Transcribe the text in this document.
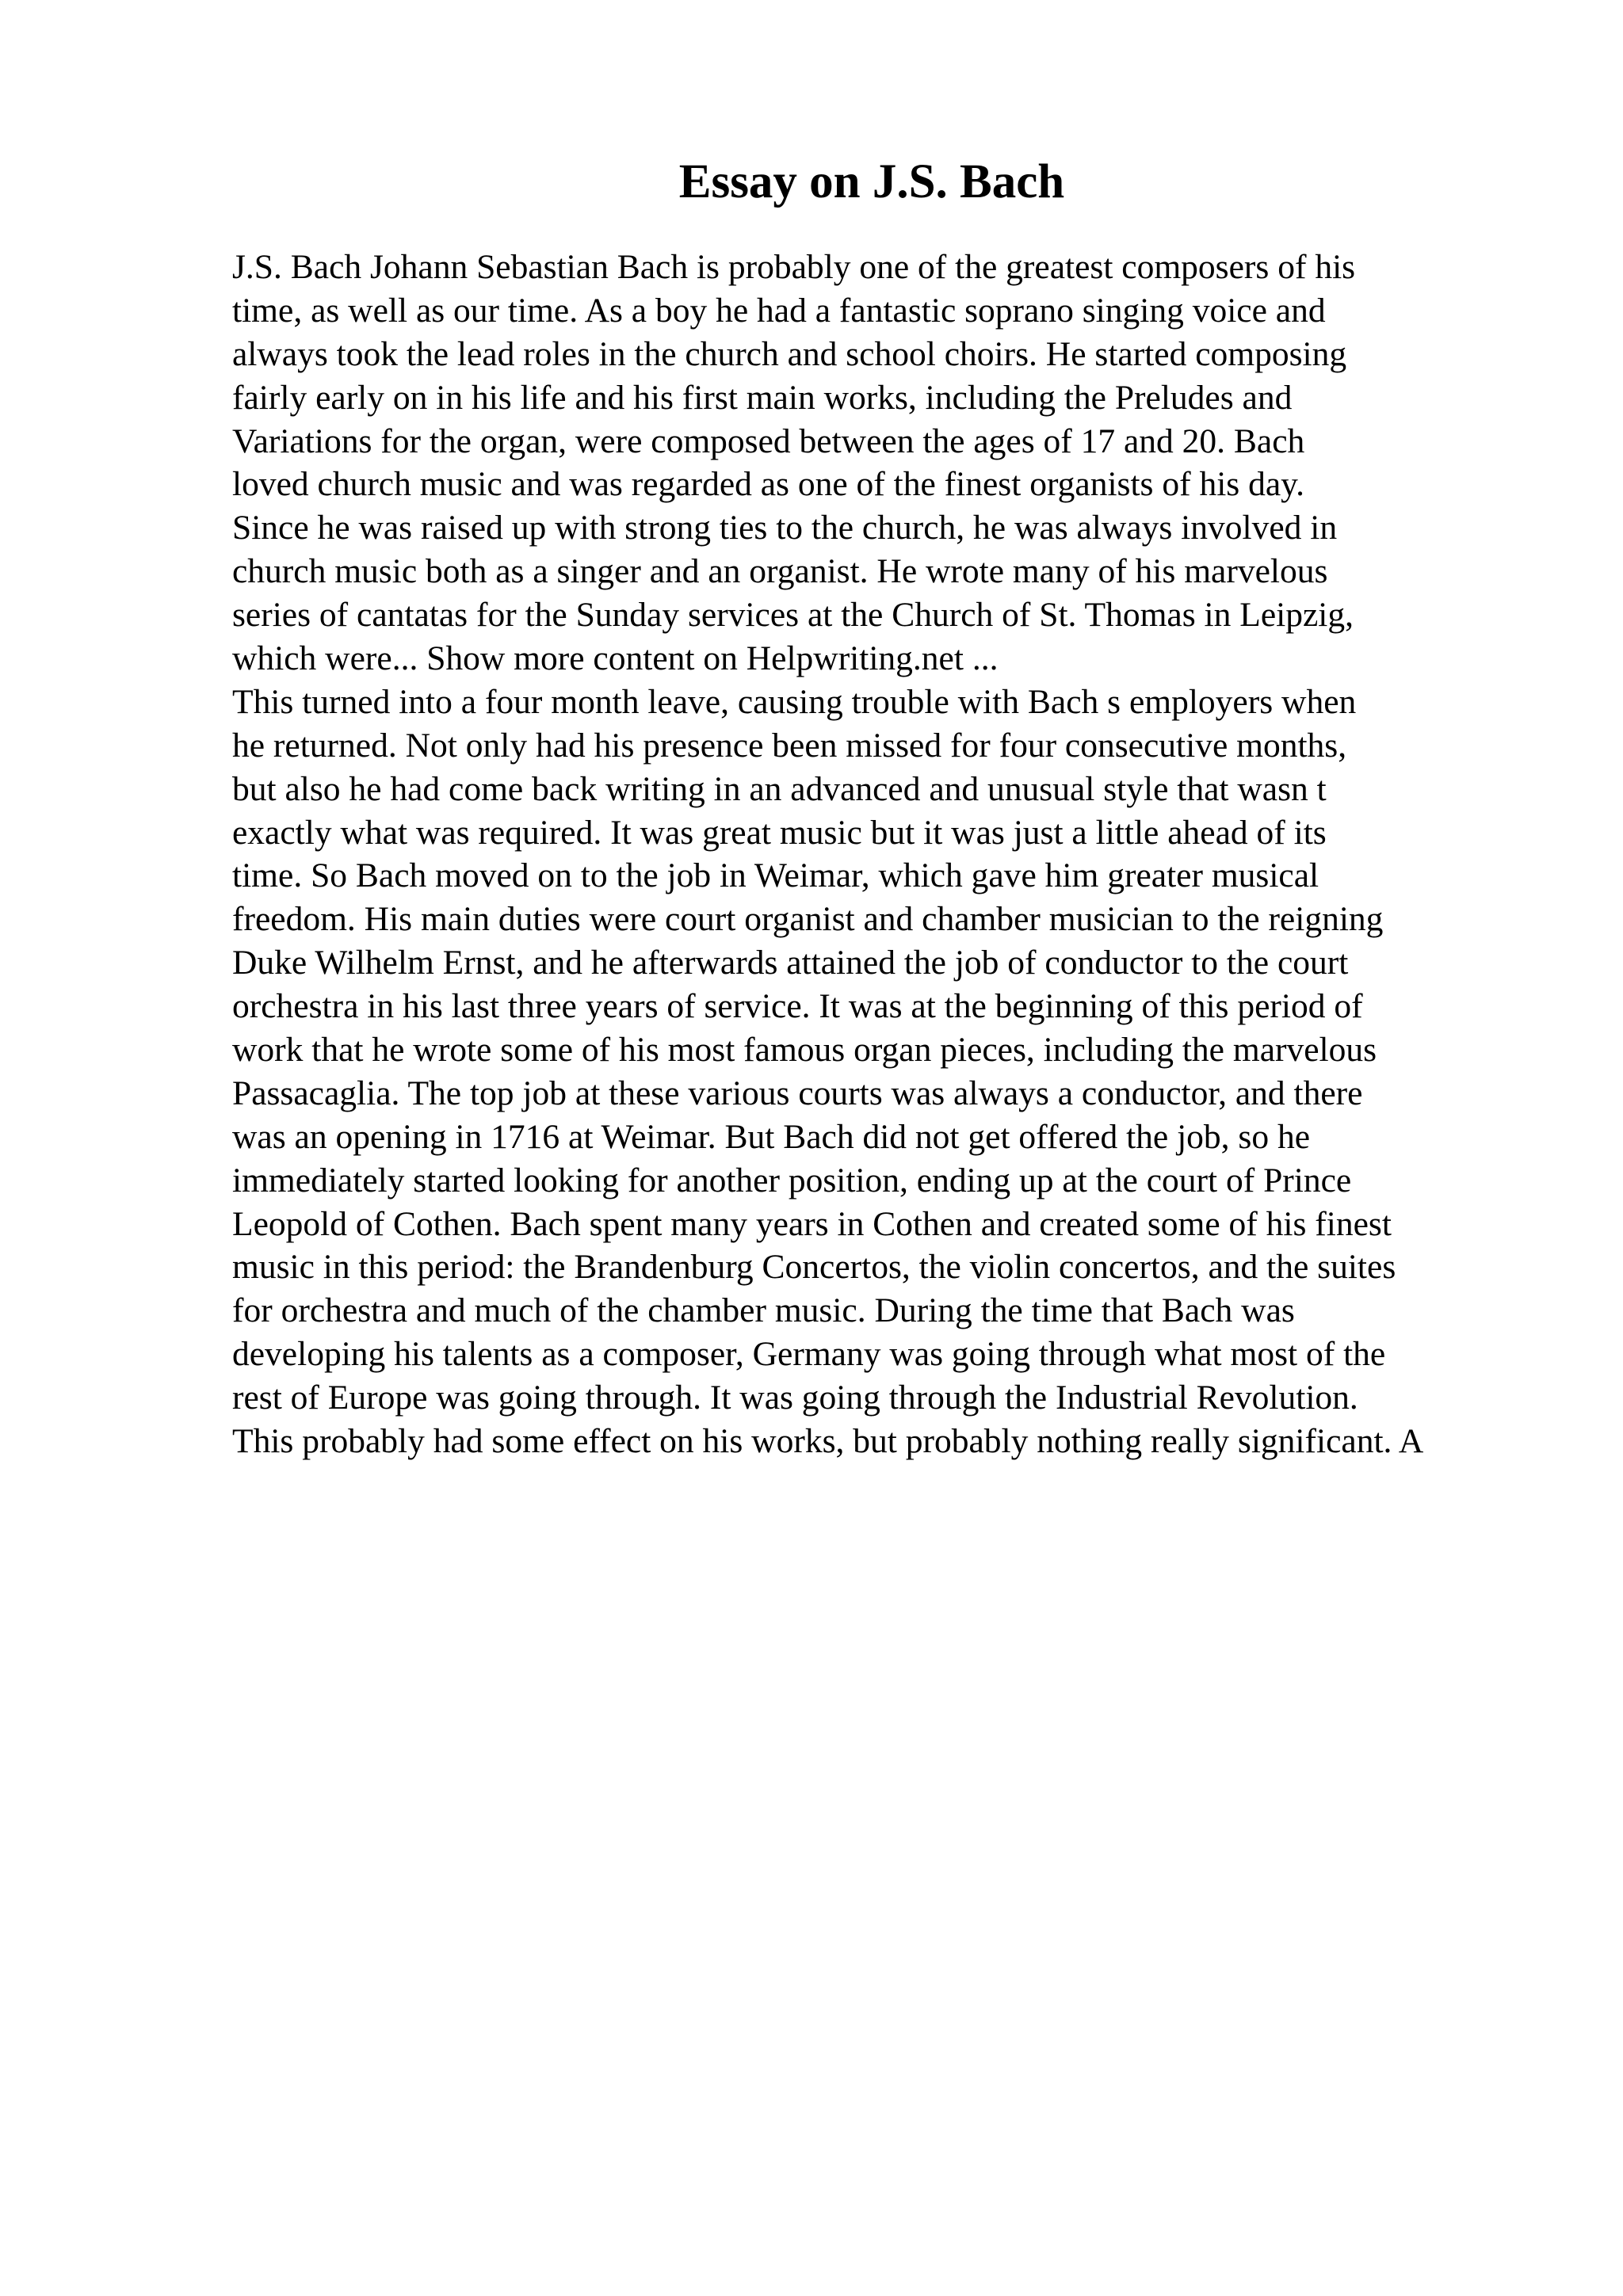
Essay on J.S. Bach
J.S. Bach Johann Sebastian Bach is probably one of the greatest composers of his
time, as well as our time. As a boy he had a fantastic soprano singing voice and
always took the lead roles in the church and school choirs. He started composing
fairly early on in his life and his first main works, including the Preludes and
Variations for the organ, were composed between the ages of 17 and 20. Bach
loved church music and was regarded as one of the finest organists of his day.
Since he was raised up with strong ties to the church, he was always involved in
church music both as a singer and an organist. He wrote many of his marvelous
series of cantatas for the Sunday services at the Church of St. Thomas in Leipzig,
which were... Show more content on Helpwriting.net ...
This turned into a four month leave, causing trouble with Bach s employers when
he returned. Not only had his presence been missed for four consecutive months,
but also he had come back writing in an advanced and unusual style that wasn t
exactly what was required. It was great music but it was just a little ahead of its
time. So Bach moved on to the job in Weimar, which gave him greater musical
freedom. His main duties were court organist and chamber musician to the reigning
Duke Wilhelm Ernst, and he afterwards attained the job of conductor to the court
orchestra in his last three years of service. It was at the beginning of this period of
work that he wrote some of his most famous organ pieces, including the marvelous
Passacaglia. The top job at these various courts was always a conductor, and there
was an opening in 1716 at Weimar. But Bach did not get offered the job, so he
immediately started looking for another position, ending up at the court of Prince
Leopold of Cothen. Bach spent many years in Cothen and created some of his finest
music in this period: the Brandenburg Concertos, the violin concertos, and the suites
for orchestra and much of the chamber music. During the time that Bach was
developing his talents as a composer, Germany was going through what most of the
rest of Europe was going through. It was going through the Industrial Revolution.
This probably had some effect on his works, but probably nothing really significant. A
